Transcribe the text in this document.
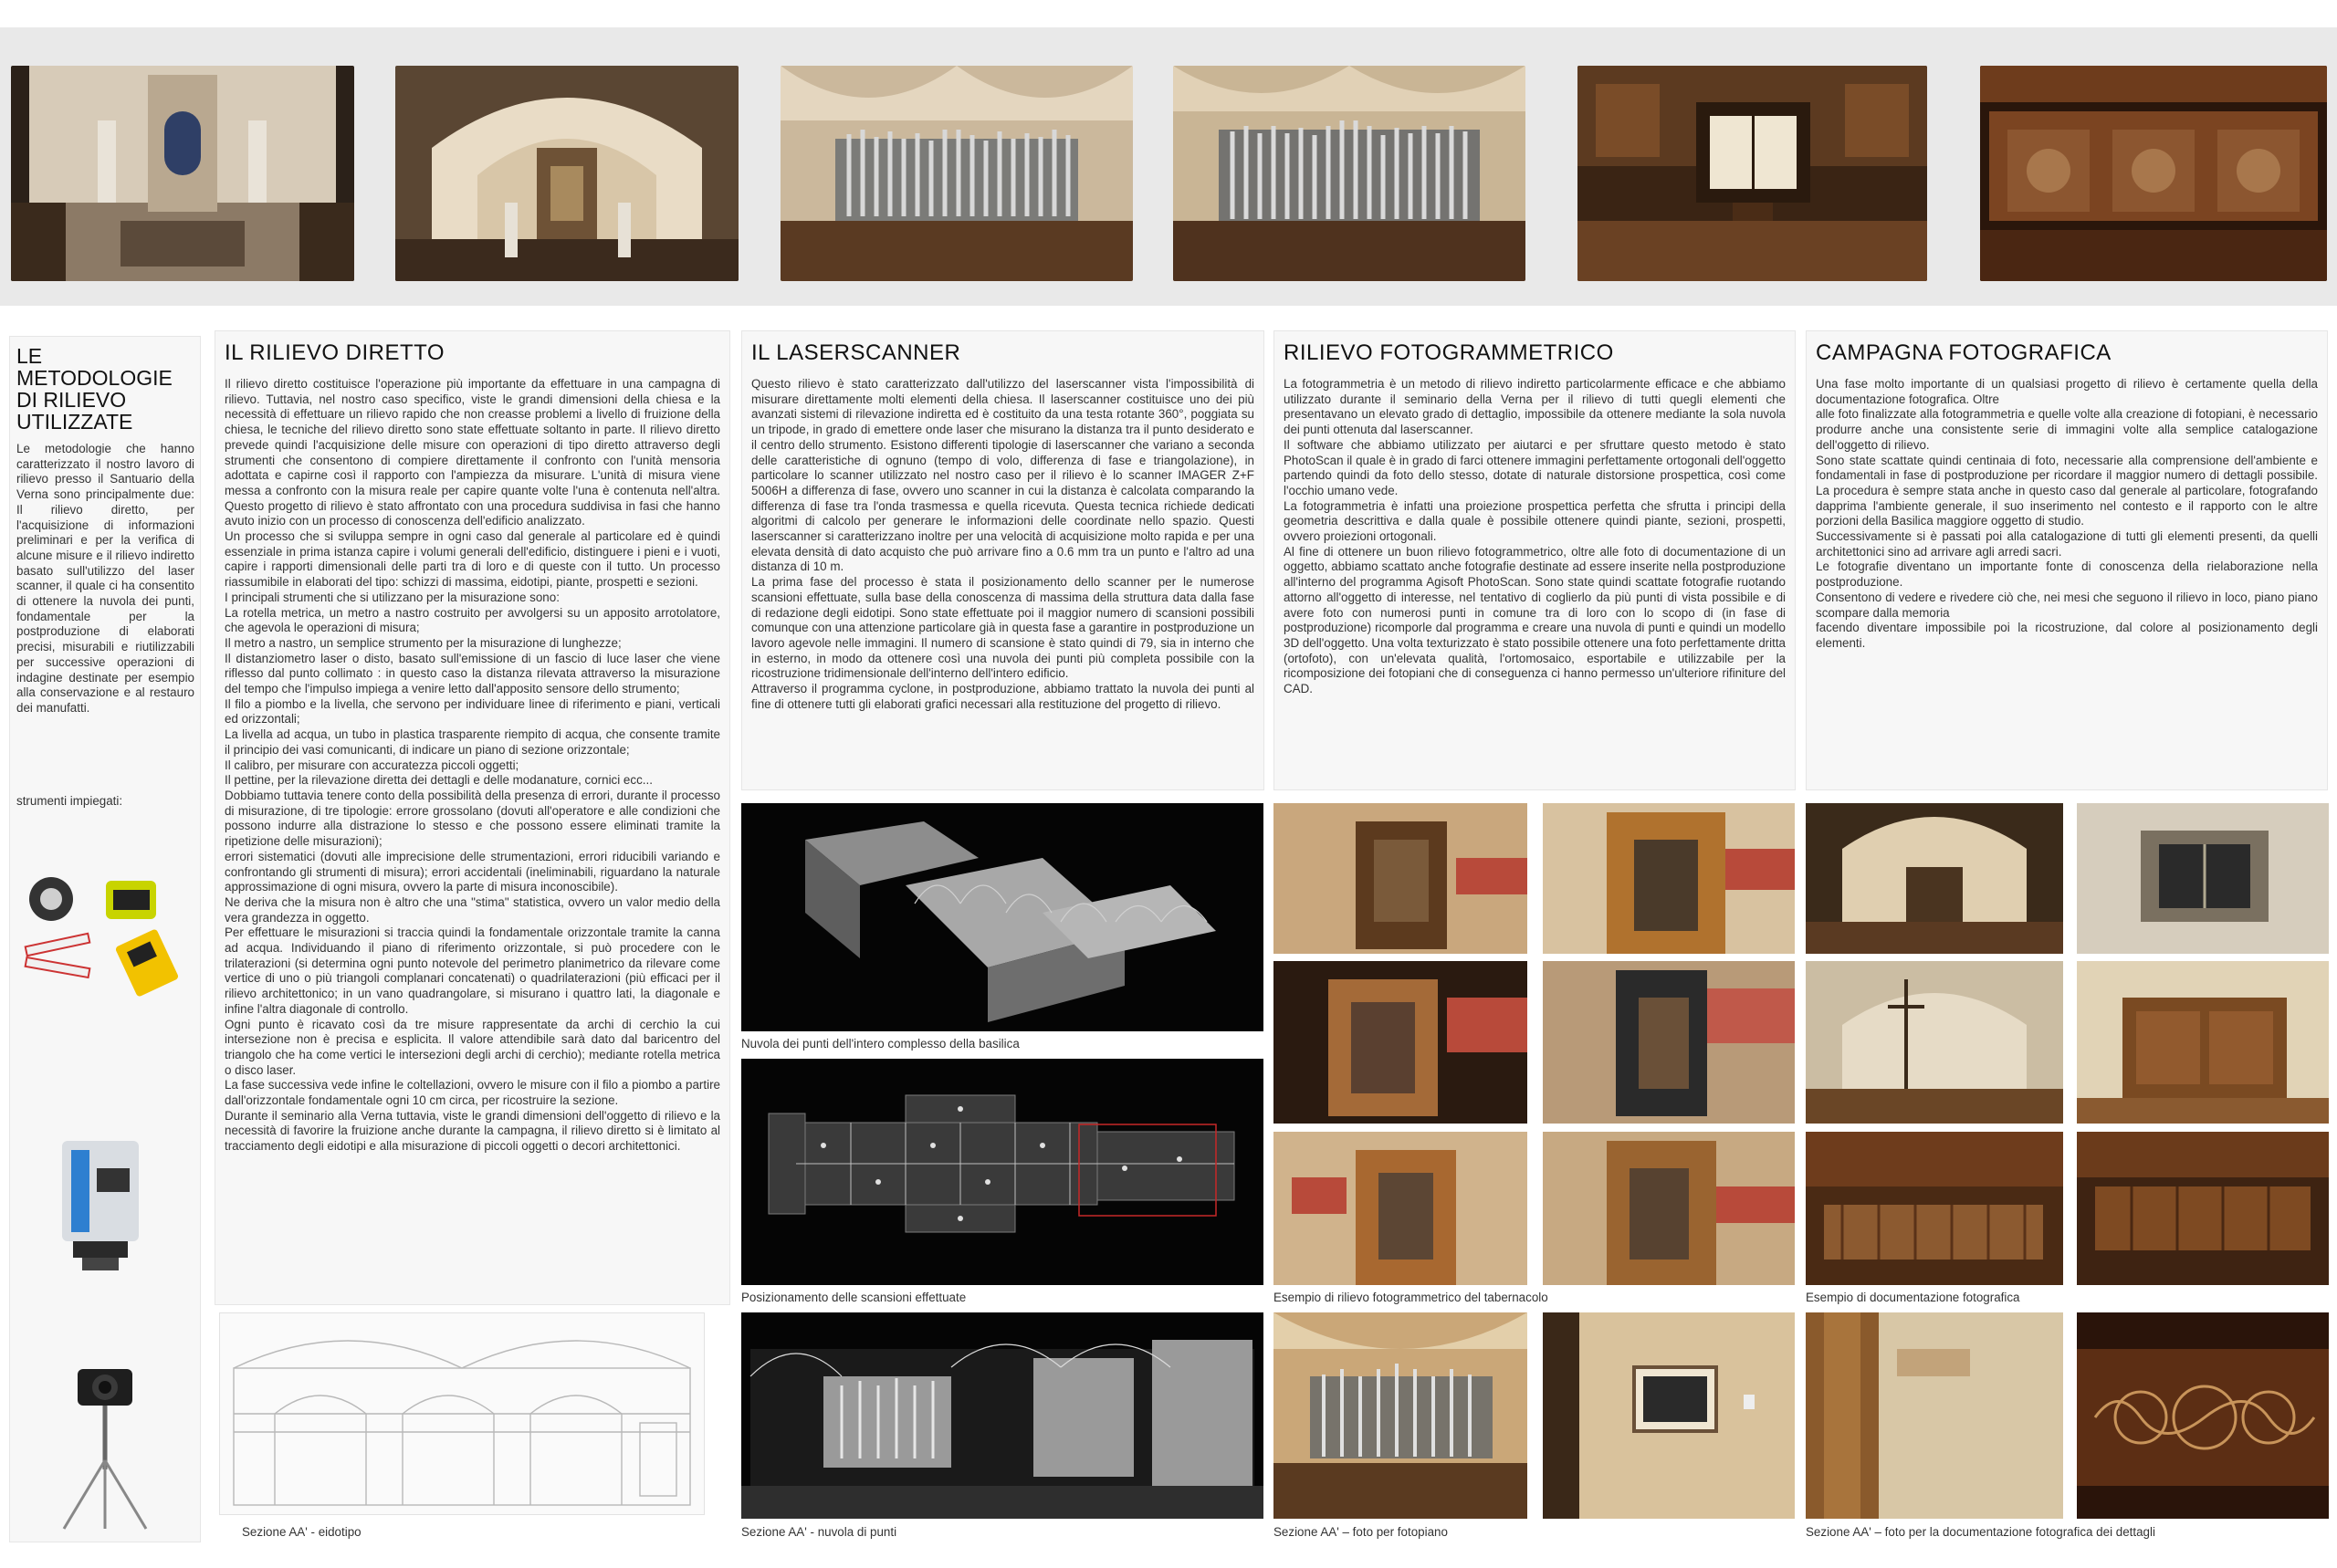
LE METODOLOGIE DI RILIEVO UTILIZZATE
Le metodologie che hanno caratterizzato il nostro lavoro di rilievo presso il Santuario della Verna sono principalmente due: Il rilievo diretto, per l'acquisizione di informazioni preliminari e per la verifica di alcune misure e il rilievo indiretto basato sull'utilizzo del laser scanner, il quale ci ha consentito di ottenere la nuvola dei punti, fondamentale per la postproduzione di elaborati precisi, misurabili e riutilizzabili per successive operazioni di indagine destinate per esempio alla conservazione e al restauro dei manufatti.
strumenti impiegati:
IL RILIEVO DIRETTO

Il rilievo diretto costituisce l'operazione più importante da effettuare in una campagna di rilievo. Tuttavia, nel nostro caso specifico, viste le grandi dimensioni della chiesa e la necessità di effettuare un rilievo rapido che non creasse problemi a livello di fruizione della chiesa, le tecniche del rilievo diretto sono state effettuate soltanto in parte. Il rilievo diretto prevede quindi l'acquisizione delle misure con operazioni di tipo diretto attraverso degli strumenti che consentono di compiere direttamente il confronto con l'unità mensoria adottata e capirne così il rapporto con l'ampiezza da misurare. L'unità di misura viene messa a confronto con la misura reale per capire quante volte l'una è contenuta nell'altra. Questo progetto di rilievo è stato affrontato con una procedura suddivisa in fasi che hanno avuto inizio con un processo di conoscenza dell'edificio analizzato.

Un processo che si sviluppa sempre in ogni caso dal generale al particolare ed è quindi essenziale in prima istanza capire i volumi generali dell'edificio, distinguere i pieni e i vuoti, capire i rapporti dimensionali delle parti tra di loro e di queste con il tutto. Un processo riassumibile in elaborati del tipo: schizzi di massima, eidotipi, piante, prospetti e sezioni.

I principali strumenti che si utilizzano per la misurazione sono:

La rotella metrica, un metro a nastro costruito per avvolgersi su un apposito arrotolatore, che agevola le operazioni di misura;

Il metro a nastro, un semplice strumento per la misurazione di lunghezze;

Il distanziometro laser o disto, basato sull'emissione di un fascio di luce laser che viene riflesso dal punto collimato : in questo caso la distanza rilevata attraverso la misurazione del tempo che l'impulso impiega a venire letto dall'apposito sensore dello strumento;

Il filo a piombo e la livella, che servono per individuare linee di riferimento e piani, verticali ed orizzontali;

La livella ad acqua, un tubo in plastica trasparente riempito di acqua, che consente tramite il principio dei vasi comunicanti, di indicare un piano di sezione orizzontale;

Il calibro, per misurare con accuratezza piccoli oggetti;

Il pettine, per la rilevazione diretta dei dettagli e delle modanature, cornici ecc...

Dobbiamo tuttavia tenere conto della possibilità della presenza di errori, durante il processo di misurazione, di tre tipologie: errore grossolano (dovuti all'operatore e alle condizioni che possono indurre alla distrazione lo stesso e che possono essere eliminati tramite la ripetizione delle misurazioni);

errori sistematici (dovuti alle imprecisione delle strumentazioni, errori riducibili variando e confrontando gli strumenti di misura); errori accidentali (ineliminabili, riguardano la naturale approssimazione di ogni misura, ovvero la parte di misura inconoscibile).

Ne deriva che la misura non è altro che una "stima" statistica, ovvero un valor medio della vera grandezza in oggetto.

Per effettuare le misurazioni si traccia quindi la fondamentale orizzontale tramite la canna ad acqua. Individuando il piano di riferimento orizzontale, si può procedere con le trilaterazioni (si determina ogni punto notevole del perimetro planimetrico da rilevare come vertice di uno o più triangoli complanari concatenati) o quadrilaterazioni (più efficaci per il rilievo architettonico; in un vano quadrangolare, si misurano i quattro lati, la diagonale e infine l'altra diagonale di controllo.

Ogni punto è ricavato così da tre misure rappresentate da archi di cerchio la cui intersezione non è precisa e esplicita. Il valore attendibile sarà dato dal baricentro del triangolo che ha come vertici le intersezioni degli archi di cerchio); mediante rotella metrica o disco laser.

La fase successiva vede infine le coltellazioni, ovvero le misure con il filo a piombo a partire dall'orizzontale fondamentale ogni 10 cm circa, per ricostruire la sezione.

Durante il seminario alla Verna tuttavia, viste le grandi dimensioni dell'oggetto di rilievo e la necessità di favorire la fruizione anche durante la campagna, il rilievo diretto si è limitato al tracciamento degli eidotipi e alla misurazione di piccoli oggetti o decori architettonici.

Sezione AA' - eidotipo
IL LASERSCANNER

Questo rilievo è stato caratterizzato dall'utilizzo del laserscanner vista l'impossibilità di misurare direttamente molti elementi della chiesa. Il laserscanner costituisce uno dei più avanzati sistemi di rilevazione indiretta ed è costituito da una testa rotante 360°, poggiata su un tripode, in grado di emettere onde laser che misurano la distanza tra il punto desiderato e il centro dello strumento. Esistono differenti tipologie di laserscanner che variano a seconda delle caratteristiche di ognuno (tempo di volo, differenza di fase e triangolazione), in particolare lo scanner utilizzato nel nostro caso per il rilievo è lo scanner IMAGER Z+F 5006H a differenza di fase, ovvero uno scanner in cui la distanza è calcolata comparando la differenza di fase tra l'onda trasmessa e quella ricevuta. Questa tecnica richiede dedicati algoritmi di calcolo per generare le informazioni delle coordinate nello spazio. Questi laserscanner si caratterizzano inoltre per una velocità di acquisizione molto rapida e per una elevata densità di dato acquisto che può arrivare fino a 0.6 mm tra un punto e l'altro ad una distanza di 10 m.

La prima fase del processo è stata il posizionamento dello scanner per le numerose scansioni effettuate, sulla base della conoscenza di massima della struttura data dalla fase di redazione degli eidotipi. Sono state effettuate poi il maggior numero di scansioni possibili comunque con una attenzione particolare già in questa fase a garantire in postproduzione un lavoro agevole nelle immagini. Il numero di scansione è stato quindi di 79, sia in interno che in esterno, in modo da ottenere così una nuvola dei punti più completa possibile con la ricostruzione tridimensionale dell'interno dell'intero edificio.

Attraverso il programma cyclone, in postproduzione, abbiamo trattato la nuvola dei punti al fine di ottenere tutti gli elaborati grafici necessari alla restituzione del progetto di rilievo.

Nuvola dei punti dell'intero complesso della basilica
Posizionamento delle scansioni effettuate
Sezione AA' - nuvola di punti
RILIEVO FOTOGRAMMETRICO

La fotogrammetria è un metodo di rilievo indiretto particolarmente efficace e che abbiamo utilizzato durante il seminario della Verna per il rilievo di tutti quegli elementi che presentavano un elevato grado di dettaglio, impossibile da ottenere mediante la sola nuvola dei punti ottenuta dal laserscanner.

Il software che abbiamo utilizzato per aiutarci e per sfruttare questo metodo è stato PhotoScan il quale è in grado di farci ottenere immagini perfettamente ortogonali dell'oggetto partendo quindi da foto dello stesso, dotate di naturale distorsione prospettica, così come l'occhio umano vede.

La fotogrammetria è infatti una proiezione prospettica perfetta che sfrutta i principi della geometria descrittiva e dalla quale è possibile ottenere quindi piante, sezioni, prospetti, ovvero proiezioni ortogonali.

Al fine di ottenere un buon rilievo fotogrammetrico, oltre alle foto di documentazione di un oggetto, abbiamo scattato anche fotografie destinate ad essere inserite nella postproduzione all'interno del programma Agisoft PhotoScan. Sono state quindi scattate fotografie ruotando attorno all'oggetto di interesse, nel tentativo di coglierlo da più punti di vista possibile e di avere foto con numerosi punti in comune tra di loro con lo scopo di (in fase di postproduzione) ricomporle dal programma e creare una nuvola di punti e quindi un modello 3D dell'oggetto. Una volta texturizzato è stato possibile ottenere una foto perfettamente dritta (ortofoto), con un'elevata qualità, l'ortomosaico, esportabile e utilizzabile per la ricomposizione dei fotopiani che di conseguenza ci hanno permesso un'ulteriore rifiniture del CAD.

Esempio di rilievo fotogrammetrico del tabernacolo
Sezione AA' – foto per fotopiano
CAMPAGNA FOTOGRAFICA

Una fase molto importante di un qualsiasi progetto di rilievo è certamente quella della documentazione fotografica. Oltre

alle foto finalizzate alla fotogrammetria e quelle volte alla creazione di fotopiani, è necessario produrre anche una consistente serie di immagini volte alla semplice catalogazione dell'oggetto di rilievo.

Sono state scattate quindi centinaia di foto, necessarie alla comprensione dell'ambiente e fondamentali in fase di postproduzione per ricordare il maggior numero di dettagli possibile. La procedura è sempre stata anche in questo caso dal generale al particolare, fotografando dapprima l'ambiente generale, il suo inserimento nel contesto e il rapporto con le altre porzioni della Basilica maggiore oggetto di studio.

Successivamente si è passati poi alla catalogazione di tutti gli elementi presenti, da quelli architettonici sino ad arrivare agli arredi sacri.

Le fotografie diventano un importante fonte di conoscenza della rielaborazione nella postproduzione.

Consentono di vedere e rivedere ciò che, nei mesi che seguono il rilievo in loco, piano piano scompare dalla memoria

facendo diventare impossibile poi la ricostruzione, dal colore al posizionamento degli elementi.

Esempio di documentazione fotografica
Sezione AA' – foto per la documentazione fotografica dei dettagli
